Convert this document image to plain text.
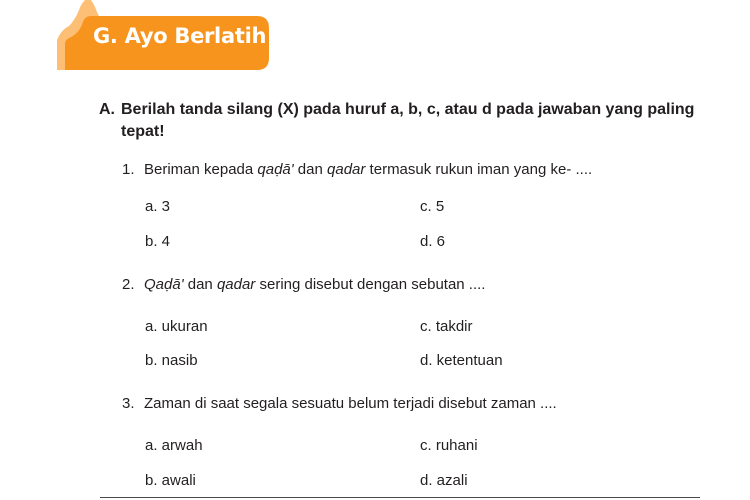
G. Ayo Berlatih
A. Berilah tanda silang (X) pada huruf a, b, c, atau d pada jawaban yang paling tepat!
1. Beriman kepada qaḍā' dan qadar termasuk rukun iman yang ke- ....
a. 3	c. 5
b. 4	d. 6
2. Qaḍā' dan qadar sering disebut dengan sebutan ....
a. ukuran	c. takdir
b. nasib	d. ketentuan
3. Zaman di saat segala sesuatu belum terjadi disebut zaman ....
a. arwah	c. ruhani
b. awali	d. azali
